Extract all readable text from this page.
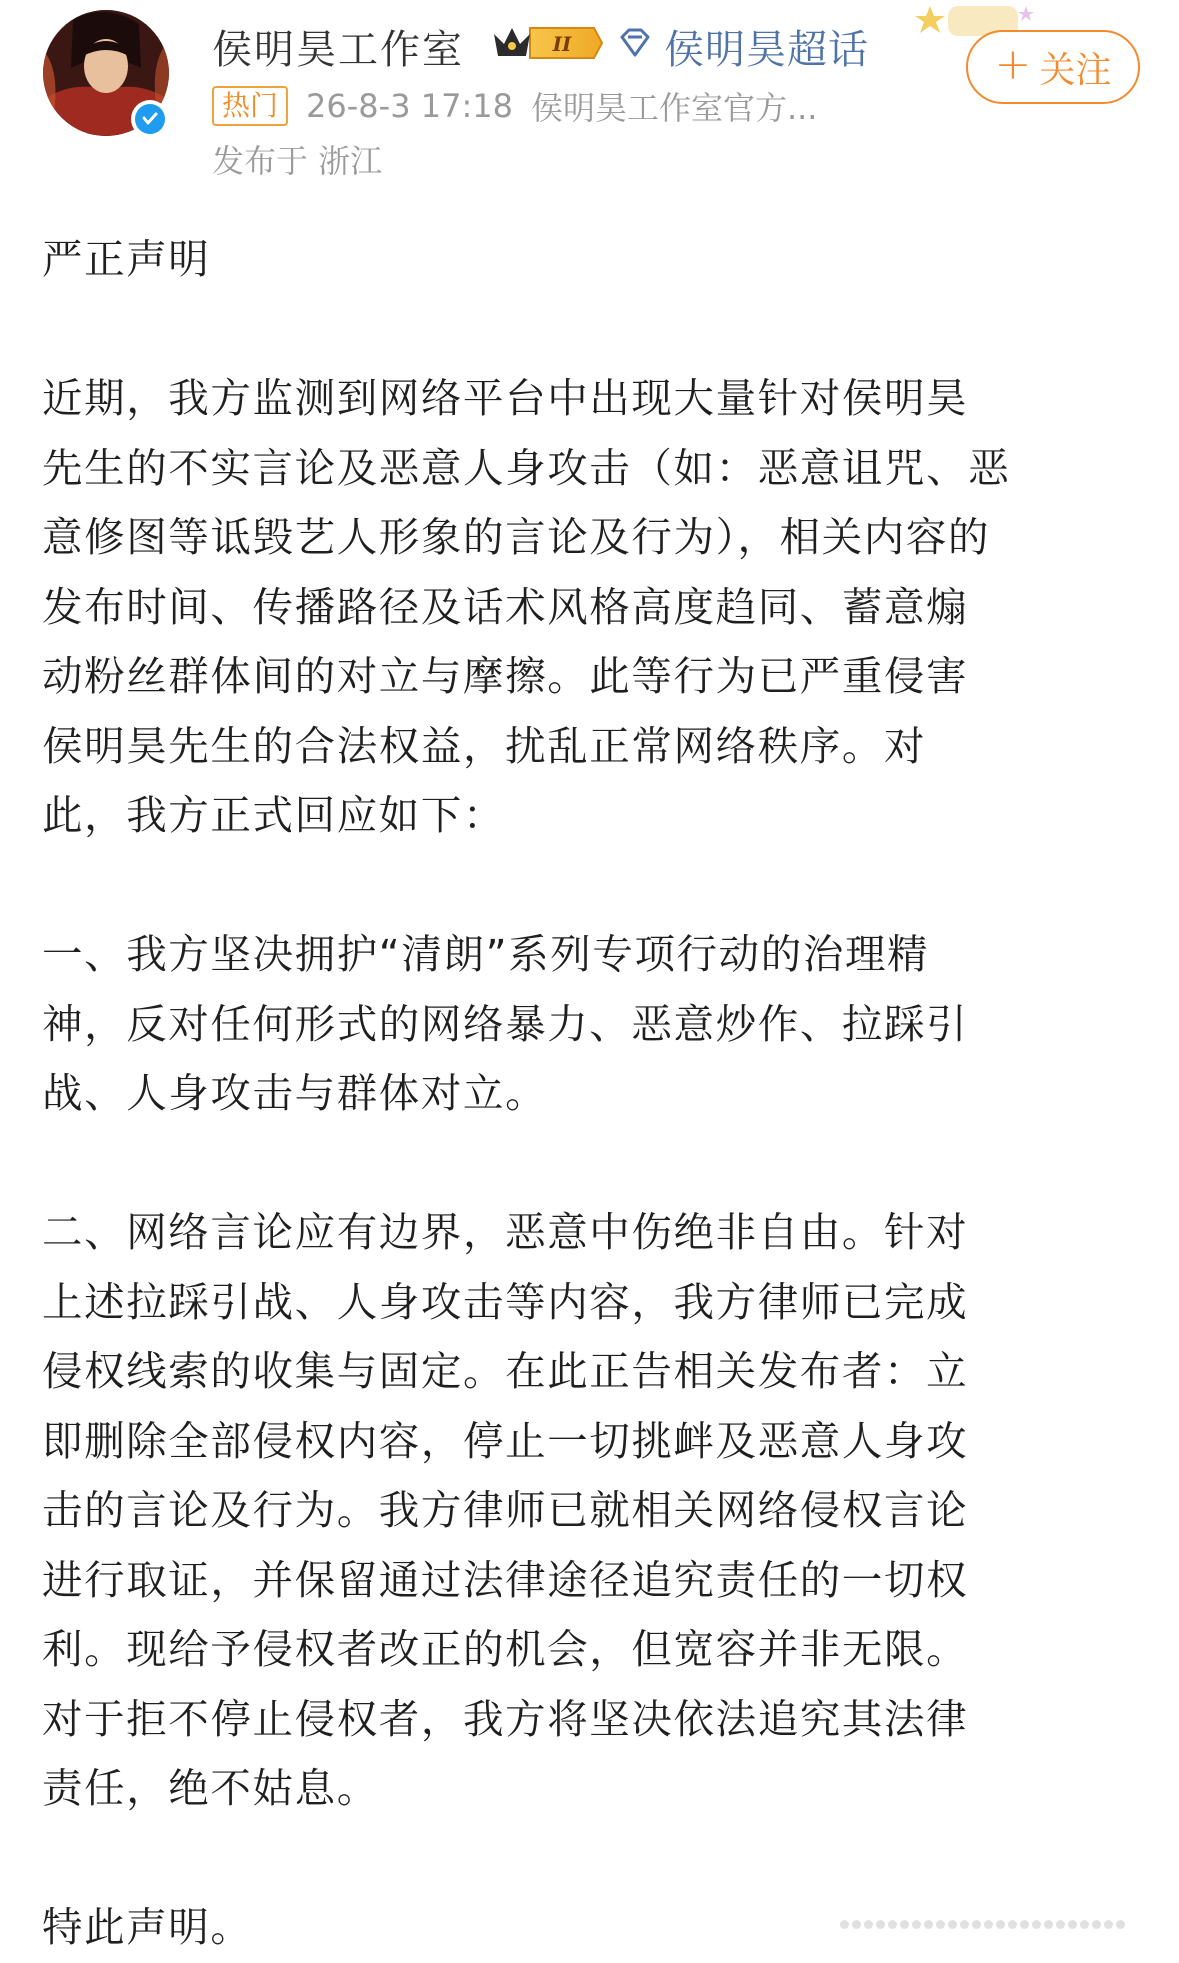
侯明昊工作室	II 侯明昊超话	+ 关注
热门 26-8-3 17:18 侯明昊工作室官方...
发布于 浙江

严正声明

近期，我方监测到网络平台中出现大量针对侯明昊

先生的不实言论及恶意人身攻击（如：恶意诅咒、恶

意修图等诋毁艺人形象的言论及行为），相关内容的

发布时间、传播路径及话术风格高度趋同、蓄意煽

动粉丝群体间的对立与摩擦。此等行为已严重侵害

侯明昊先生的合法权益，扰乱正常网络秩序。对

此，我方正式回应如下：

一、我方坚决拥护“清朗”系列专项行动的治理精

神，反对任何形式的网络暴力、恶意炒作、拉踩引

战、人身攻击与群体对立。

二、网络言论应有边界，恶意中伤绝非自由。针对

上述拉踩引战、人身攻击等内容，我方律师已完成

侵权线索的收集与固定。在此正告相关发布者：立

即删除全部侵权内容，停止一切挑衅及恶意人身攻

击的言论及行为。我方律师已就相关网络侵权言论

进行取证，并保留通过法律途径追究责任的一切权

利。现给予侵权者改正的机会，但宽容并非无限。

对于拒不停止侵权者，我方将坚决依法追究其法律

责任，绝不姑息。

特此声明。
